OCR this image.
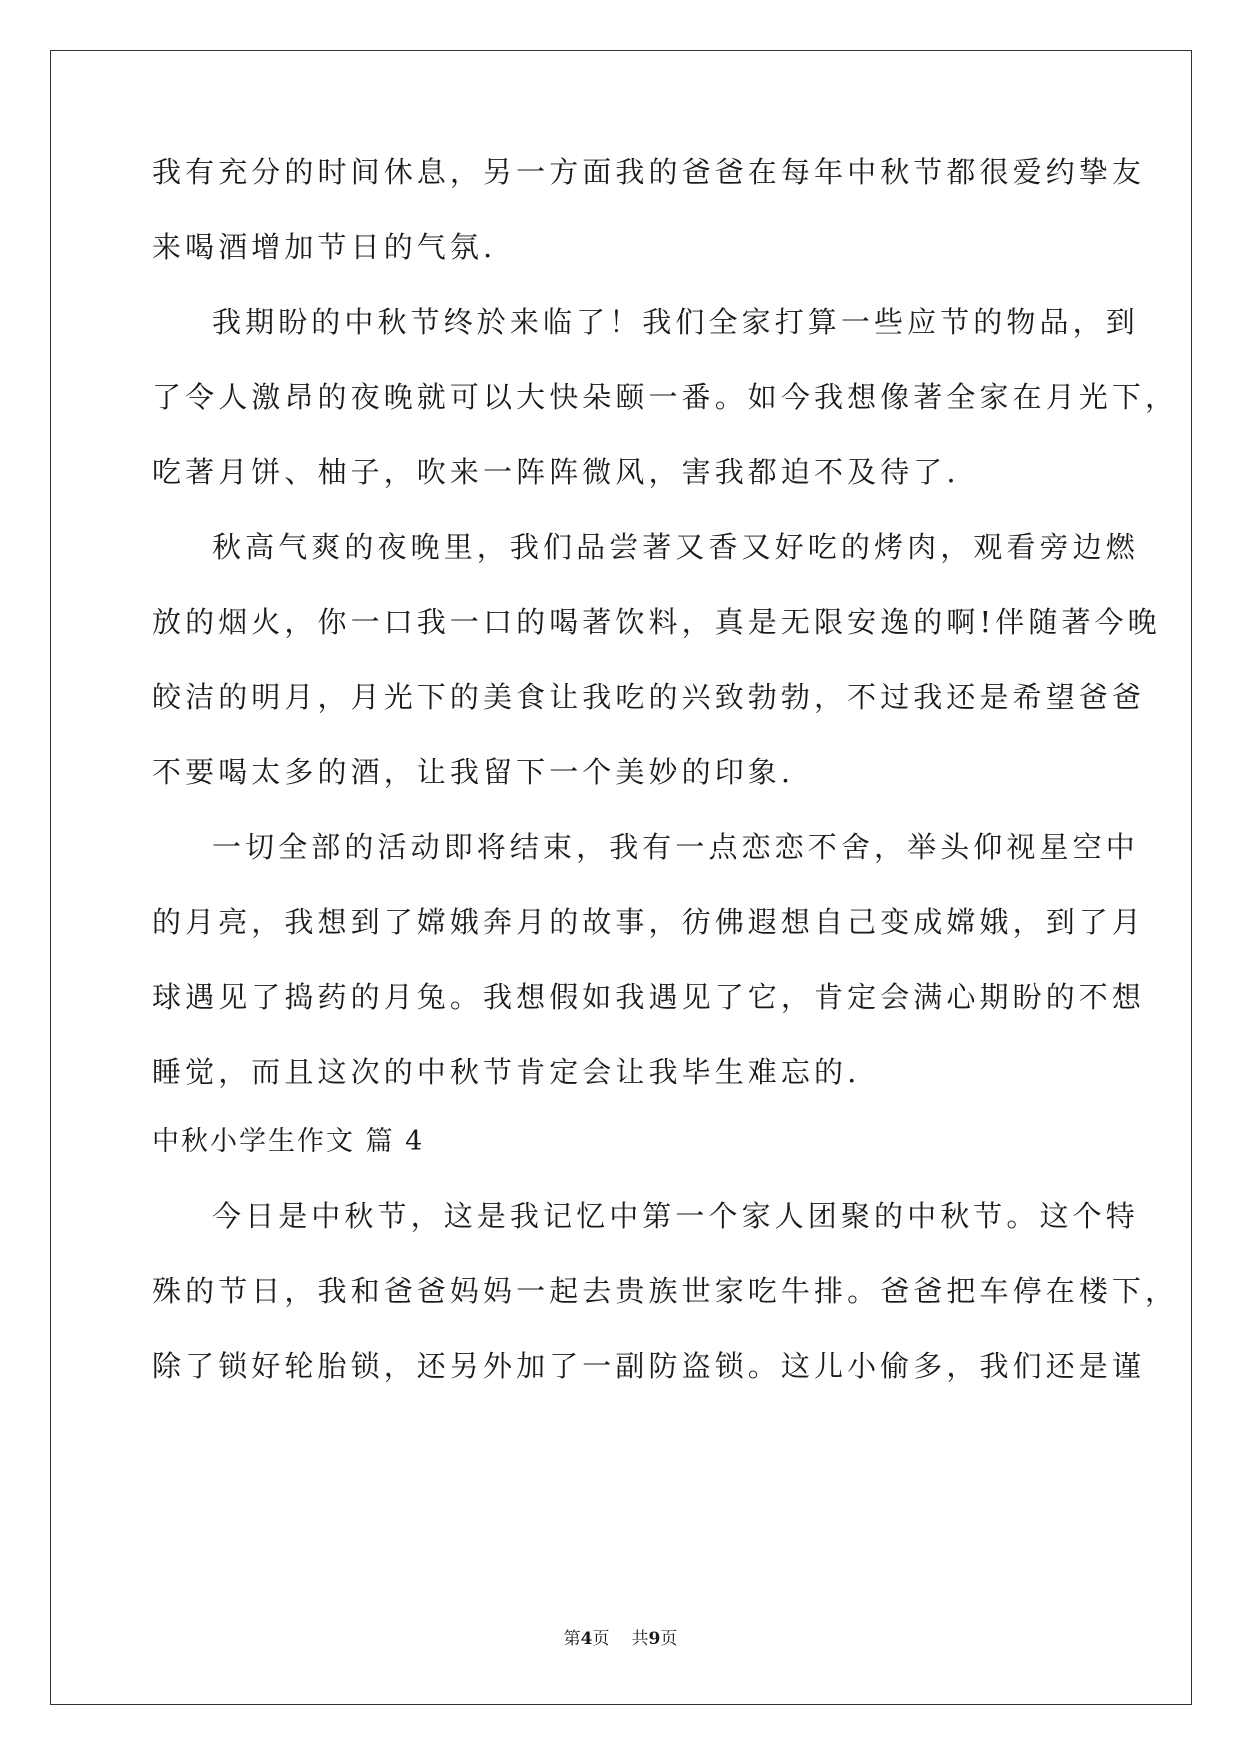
我有充分的时间休息，另一方面我的爸爸在每年中秋节都很爱约挚友
来喝酒增加节日的气氛.
我期盼的中秋节终於来临了！我们全家打算一些应节的物品，到
了令人激昂的夜晚就可以大快朵颐一番。如今我想像著全家在月光下，
吃著月饼、柚子，吹来一阵阵微风，害我都迫不及待了.
秋高气爽的夜晚里，我们品尝著又香又好吃的烤肉，观看旁边燃
放的烟火，你一口我一口的喝著饮料，真是无限安逸的啊!伴随著今晚
皎洁的明月，月光下的美食让我吃的兴致勃勃，不过我还是希望爸爸
不要喝太多的酒，让我留下一个美妙的印象.
一切全部的活动即将结束，我有一点恋恋不舍，举头仰视星空中
的月亮，我想到了嫦娥奔月的故事，彷佛遐想自己变成嫦娥，到了月
球遇见了捣药的月兔。我想假如我遇见了它，肯定会满心期盼的不想
睡觉，而且这次的中秋节肯定会让我毕生难忘的.
中秋小学生作文 篇 4
今日是中秋节，这是我记忆中第一个家人团聚的中秋节。这个特
殊的节日，我和爸爸妈妈一起去贵族世家吃牛排。爸爸把车停在楼下，
除了锁好轮胎锁，还另外加了一副防盗锁。这儿小偷多，我们还是谨
第4页 共9页
